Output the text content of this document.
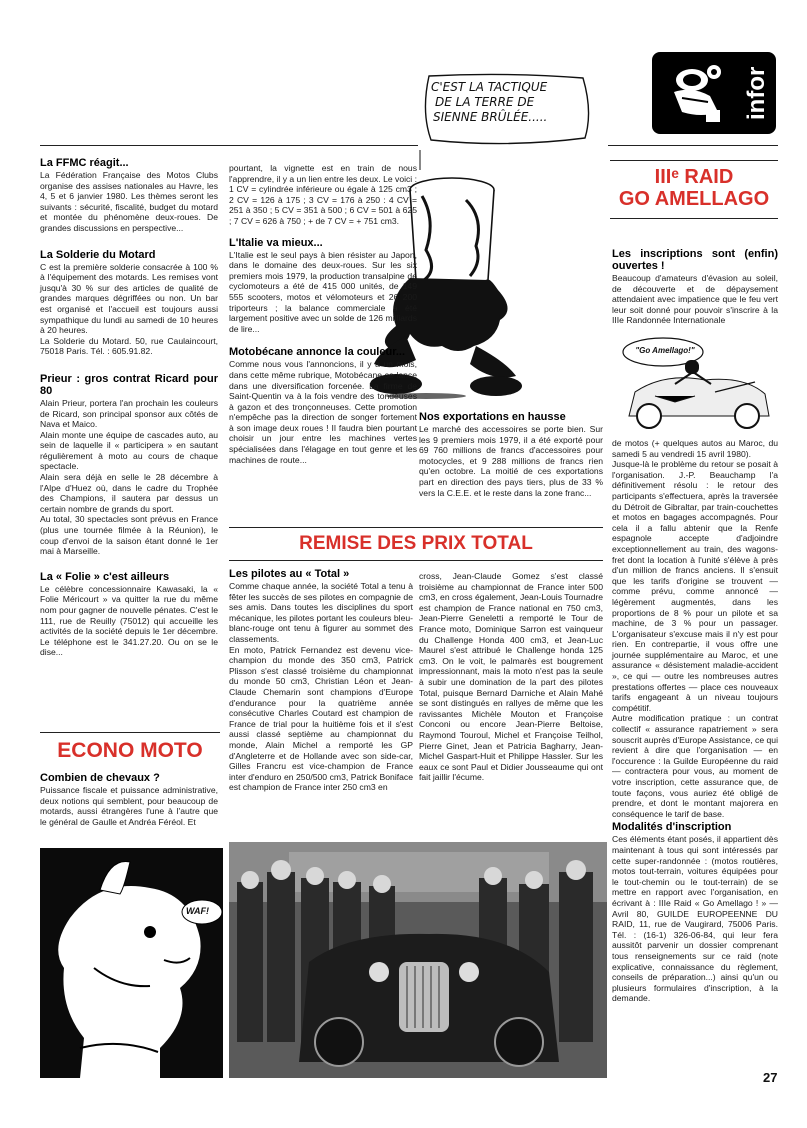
infor
C'EST LA TACTIQUE
DE LA TERRE DE
SIENNE BRÛLÉE.....
La FFMC réagit...

La Fédération Française des Motos Clubs organise des assises nationales au Havre, les 4, 5 et 6 janvier 1980. Les thèmes seront les suivants : sécurité, fiscalité, budget du motard et montée du phénomène deux-roues. De grandes discussions en perspective...

La Solderie du Motard

C est la première solderie consacrée à 100 % à l'équipement des motards. Les remises vont jusqu'à 30 % sur des articles de qualité de grandes marques dégriffées ou non. Un bar est organisé et l'accueil est toujours aussi sympathique du lundi au samedi de 10 heures à 20 heures.

La Solderie du Motard. 50, rue Caulaincourt, 75018 Paris. Tél. : 605.91.82.

Prieur : gros contrat Ricard pour 80

Alain Prieur, portera l'an prochain les couleurs de Ricard, son principal sponsor aux côtés de Nava et Maico.

Alain monte une équipe de cascades auto, au sein de laquelle il « participera » en sautant régulièrement à moto au cours de chaque spectacle.

Alain sera déjà en selle le 28 décembre à l'Alpe d'Huez où, dans le cadre du Trophée des Champions, il sautera par dessus un certain nombre de grands du sport.

Au total, 30 spectacles sont prévus en France (plus une tournée filmée à la Réunion), le coup d'envoi de la saison étant donné le 1er mai à Marseille.

La « Folie » c'est ailleurs

Le célèbre concessionnaire Kawasaki, la « Folie Méricourt » va quitter la rue du même nom pour gagner de nouvelle pénates. C'est le 111, rue de Reuilly (75012) qui accueille les activités de la société depuis le 1er décembre. Le téléphone est le 341.27.20. Ou on se le dise...

ECONO MOTO
Combien de chevaux ?

Puissance fiscale et puissance administrative, deux notions qui semblent, pour beaucoup de motards, aussi étrangères l'une à l'autre que le général de Gaulle et Andréa Féréol. Et

WAF!

pourtant, la vignette est en train de nous l'apprendre, il y a un lien entre les deux. Le voici : 1 CV = cylindrée inférieure ou égale à 125 cm3 ; 2 CV = 126 à 175 ; 3 CV = 176 à 250 : 4 CV = 251 à 350 ; 5 CV = 351 à 500 ; 6 CV = 501 à 625 ; 7 CV = 626 à 750 ; + de 7 CV = + 751 cm3.

L'Italie va mieux...

L'Italie est le seul pays à bien résister au Japon, dans le domaine des deux-roues. Sur les six premiers mois 1979, la production transalpine de cyclomoteurs a été de 415 000 unités, de 149 555 scooters, motos et vélomoteurs et 26 200 triporteurs ; la balance commerciale a été largement positive avec un solde de 126 milliards de lire...

Motobécane annonce la couleur...

Comme nous vous l'annoncions, il y a un mois, dans cette même rubrique, Motobécane se lance dans une diversification forcenée. La firme de Saint-Quentin va à la fois vendre des tondeuses à gazon et des tronçonneuses. Cette promotion n'empêche pas la direction de songer fortement à son image deux roues ! Il faudra bien pourtant choisir un jour entre les machines vertes spécialisées dans l'élagage en tout genre et les machines de route...

Nos exportations en hausse

Le marché des accessoires se porte bien. Sur les 9 premiers mois 1979, il a été exporté pour 69 760 millions de francs d'accessoires pour motocycles, et 9 288 millions de francs rien qu'en octobre. La moitié de ces exportations part en direction des pays tiers, plus de 33 % vers la C.E.E. et le reste dans la zone franc...

REMISE DES PRIX TOTAL
Les pilotes au « Total »

Comme chaque année, la société Total a tenu à fêter les succès de ses pilotes en compagnie de ses amis. Dans toutes les disciplines du sport mécanique, les pilotes portant les couleurs bleu-blanc-rouge ont tenu à figurer au sommet des classements.

En moto, Patrick Fernandez est devenu vice-champion du monde des 350 cm3, Patrick Plisson s'est classé troisième du championnat du monde 50 cm3, Christian Léon et Jean-Claude Chemarin sont champions d'Europe d'endurance pour la quatrième année consécutive Charles Coutard est champion de France de trial pour la huitième fois et il s'est aussi classé septième au championnat du monde, Alain Michel a remporté les GP d'Angleterre et de Hollande avec son side-car, Gilles Francru est vice-champion de France inter d'enduro en 250/500 cm3, Patrick Boniface est champion de France inter 250 cm3 en

cross, Jean-Claude Gomez s'est classé troisième au championnat de France inter 500 cm3, en cross également, Jean-Louis Tournadre est champion de France national en 750 cm3, Jean-Pierre Geneletti a remporté le Tour de France moto, Dominique Sarron est vainqueur du Challenge Honda 400 cm3, et Jean-Luc Maurel s'est attribué le Challenge honda 125 cm3. On le voit, le palmarès est bougrement impressionnant, mais la moto n'est pas la seule à subir une domination de la part des pilotes Total, puisque Bernard Darniche et Alain Mahé se sont distingués en rallyes de même que les ravissantes Michèle Mouton et Françoise Conconi ou encore Jean-Pierre Beltoise, Raymond Touroul, Michel et Françoise Teilhol, Pierre Ginet, Jean et Patricia Bagharry, Jean-Michel Gaspart-Huit et Philippe Hassler. Sur les eaux ce sont Paul et Didier Jousseaume qui ont fait jaillir l'écume.

IIIᵉ RAID
GO AMELLAGO
Les inscriptions sont (enfin) ouvertes !

Beaucoup d'amateurs d'évasion au soleil, de découverte et de dépaysement attendaient avec impatience que le feu vert leur soit donné pour pouvoir s'inscrire à la IIIe Randonnée Internationale

"Go Amellago!"

de motos (+ quelques autos au Maroc, du samedi 5 au vendredi 15 avril 1980).

Jusque-là le problème du retour se posait à l'organisation. J.-P. Beauchamp l'a définitivement résolu : le retour des participants s'effectuera, après la traversée du Détroit de Gibraltar, par train-couchettes et motos en bagages accompagnés. Pour cela il a fallu abtenir que la Renfe espagnole accepte d'adjoindre exceptionnellement au train, des wagons-fret dont la location à l'unité s'élève à près d'un million de francs anciens. Il s'ensuit que les tarifs d'origine se trouvent — comme prévu, comme annoncé — légèrement augmentés, dans les proportions de 8 % pour un pilote et sa machine, de 3 % pour un passager. L'organisateur s'excuse mais il n'y est pour rien. En contrepartie, il vous offre une journée supplémentaire au Maroc, et une assurance « désistement maladie-accident », ce qui — outre les nombreuses autres prestations offertes — place ces nouveaux tarifs engageant à un niveau toujours compétitif.

Autre modification pratique : un contrat collectif « assurance rapatriement » sera souscrit auprès d'Europe Assistance, ce qui revient à dire que l'organisation — en l'occurence : la Guilde Européenne du raid — contractera pour vous, au moment de votre inscription, cette assurance que, de toute façons, vous auriez été obligé de prendre, et dont le montant majorera en conséquence le tarif de base.

Modalités d'inscription

Ces éléments étant posés, il appartient dès maintenant à tous qui sont intéressés par cette super-randonnée : (motos routières, motos tout-terrain, voitures équipées pour le tout-chemin ou le tout-terrain) de se mettre en rapport avec l'organisation, en écrivant à : IIIe Raid « Go Amellago ! » — Avril 80, GUILDE EUROPEENNE DU RAID, 11, rue de Vaugirard, 75006 Paris. Tél. : (16-1) 326-06-84, qui leur fera aussitôt parvenir un dossier comprenant tous renseignements sur ce raid (note explicative, connaissance du règlement, conseils de préparation...) ainsi qu'un ou plusieurs formulaires d'inscription, à la demande.

27
